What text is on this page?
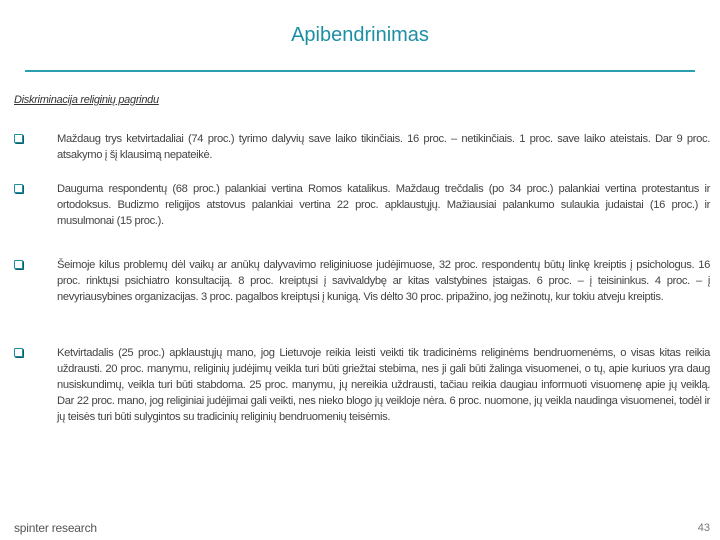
Apibendrinimas
Diskriminacija religinių pagrindu
Maždaug trys ketvirtadaliai (74 proc.) tyrimo dalyvių save laiko tikinčiais. 16 proc. – netikinčiais. 1 proc. save laiko ateistais. Dar 9 proc. atsakymo į šį klausimą nepateikė.
Dauguma respondentų (68 proc.) palankiai vertina Romos katalikus. Maždaug trečdalis (po 34 proc.) palankiai vertina protestantus ir ortodoksus. Budizmo religijos atstovus palankiai vertina 22 proc. apklaustųjų. Mažiausiai palankumo sulaukia judaistai (16 proc.) ir musulmonai (15 proc.).
Šeimoje kilus problemų dėl vaikų ar anūkų dalyvavimo religiniuose judėjimuose, 32 proc. respondentų būtų linkę kreiptis į psichologus. 16 proc. rinktųsi psichiatro konsultaciją. 8 proc. kreiptųsi į savivaldybę ar kitas valstybines įstaigas. 6 proc. – į teisininkus. 4 proc. – į nevyriausybines organizacijas. 3 proc. pagalbos kreiptųsi į kunigą. Vis dėlto 30 proc. pripažino, jog nežinotų, kur tokiu atveju kreiptis.
Ketvirtadalis (25 proc.) apklaustųjų mano, jog Lietuvoje reikia leisti veikti tik tradicinėms religinėms bendruomenėms, o visas kitas reikia uždrausti. 20 proc. manymu, religinių judėjimų veikla turi būti griežtai stebima, nes ji gali būti žalinga visuomenei, o tų, apie kuriuos yra daug nusiskundimų, veikla turi būti stabdoma. 25 proc. manymu, jų nereikia uždrausti, tačiau reikia daugiau informuoti visuomenę apie jų veiklą. Dar 22 proc. mano, jog religiniai judėjimai gali veikti, nes nieko blogo jų veikloje nėra. 6 proc. nuomone, jų veikla naudinga visuomenei, todėl ir jų teisės turi būti sulygintos su tradicinių religinių bendruomenių teisėmis.
spinter research	43
